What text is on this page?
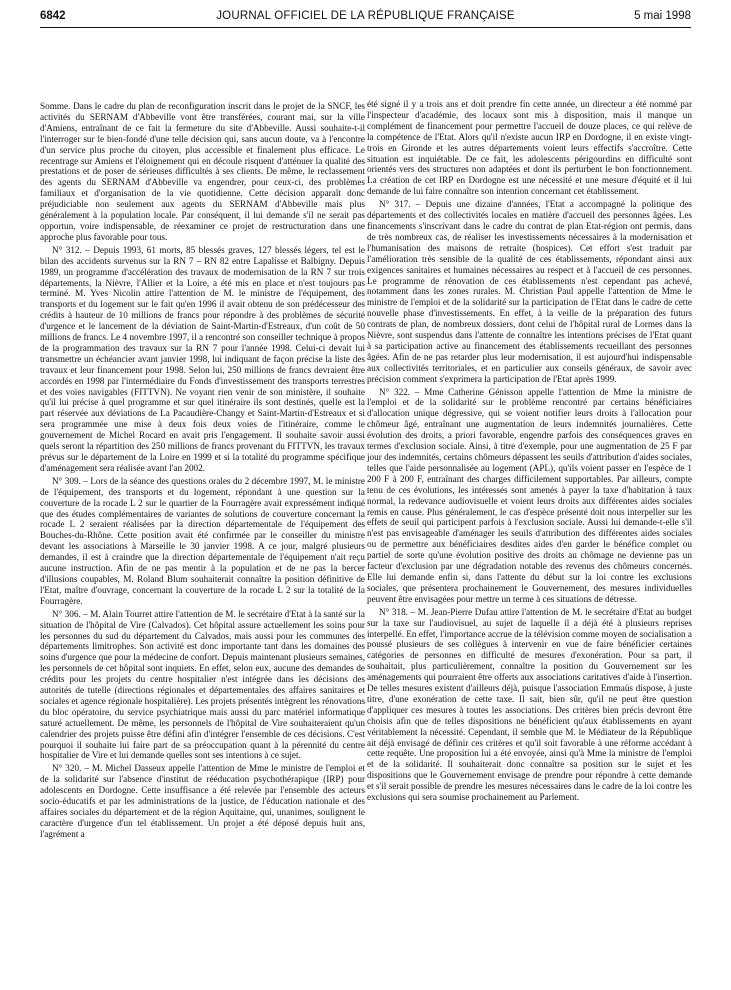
6842	JOURNAL OFFICIEL DE LA RÉPUBLIQUE FRANÇAISE	5 mai 1998

Somme. Dans le cadre du plan de reconfiguration inscrit dans le projet de la SNCF, les activités du SERNAM d'Abbeville vont être transférées, courant mai, sur la ville d'Amiens, entraînant de ce fait la fermeture du site d'Abbeville. Aussi souhaite-t-il l'interroger sur le bien-fondé d'une telle décision qui, sans aucun doute, va à l'encontre d'un service plus proche du citoyen, plus accessible et finalement plus efficace. Le recentrage sur Amiens et l'éloignement qui en découle risquent d'atténuer la qualité des prestations et de poser de sérieuses difficultés à ses clients. De même, le reclassement des agents du SERNAM d'Abbeville va engendrer, pour ceux-ci, des problèmes familiaux et d'organisation de la vie quotidienne. Cette décision apparaît donc préjudiciable non seulement aux agents du SERNAM d'Abbeville mais plus généralement à la population locale. Par conséquent, il lui demande s'il ne serait pas opportun, voire indispensable, de réexaminer ce projet de restructuration dans une approche plus favorable pour tous.

N° 312. – Depuis 1993, 61 morts, 85 blessés graves, 127 blessés légers, tel est le bilan des accidents survenus sur la RN 7 – RN 82 entre Lapalisse et Balbigny. Depuis 1989, un programme d'accélération des travaux de modernisation de la RN 7 sur trois départements, la Nièvre, l'Allier et la Loire, a été mis en place et n'est toujours pas terminé. M. Yves Nicolin attire l'attention de M. le ministre de l'équipement, des transports et du logement sur le fait qu'en 1996 il avait obtenu de son prédécesseur des crédits à hauteur de 10 millions de francs pour répondre à des problèmes de sécurité d'urgence et le lancement de la déviation de Saint-Martin-d'Estreaux, d'un coût de 50 millions de francs. Le 4 novembre 1997, il a rencontré son conseiller technique à propos de la programmation des travaux sur la RN 7 pour l'année 1998. Celui-ci devait lui transmettre un échéancier avant janvier 1998, lui indiquant de façon précise la liste des travaux et leur financement pour 1998. Selon lui, 250 millions de francs devraient être accordés en 1998 par l'intermédiaire du Fonds d'investissement des transports terrestres et des voies navigables (FITTVN). Ne voyant rien venir de son ministère, il souhaite qu'il lui précise à quel programme et sur quel itinéraire ils sont destinés, quelle est la part réservée aux déviations de La Pacaudière-Changy et Saint-Martin-d'Estreaux et si sera programmée une mise à deux fois deux voies de l'itinéraire, comme le gouvernement de Michel Rocard en avait pris l'engagement. Il souhaite savoir aussi quels seront la répartition des 250 millions de francs provenant du FITTVN, les travaux prévus sur le département de la Loire en 1999 et si la totalité du programme spécifique d'aménagement sera réalisée avant l'an 2002.

N° 309. – Lors de la séance des questions orales du 2 décembre 1997, M. le ministre de l'équipement, des transports et du logement, répondant à une question sur la couverture de la rocade L 2 sur le quartier de la Fourragère avait expressément indiqué que des études complémentaires de variantes de solutions de couverture concernant la rocade L 2 seraient réalisées par la direction départementale de l'équipement des Bouches-du-Rhône. Cette position avait été confirmée par le conseiller du ministre devant les associations à Marseille le 30 janvier 1998. A ce jour, malgré plusieurs demandes, il est à craindre que la direction départementale de l'équipement n'ait reçu aucune instruction. Afin de ne pas mentir à la population et de ne pas la bercer d'illusions coupables, M. Roland Blum souhaiterait connaître la position définitive de l'Etat, maître d'ouvrage, concernant la couverture de la rocade L 2 sur la totalité de la Fourragère.

N° 306. – M. Alain Tourret attire l'attention de M. le secrétaire d'Etat à la santé sur la situation de l'hôpital de Vire (Calvados). Cet hôpital assure actuellement les soins pour les personnes du sud du département du Calvados, mais aussi pour les communes des départements limitrophes. Son activité est donc importante tant dans les domaines des soins d'urgence que pour la médecine de confort. Depuis maintenant plusieurs semaines, les personnels de cet hôpital sont inquiets. En effet, selon eux, aucune des demandes de crédits pour les projets du centre hospitalier n'est intégrée dans les décisions des autorités de tutelle (directions régionales et départementales des affaires sanitaires et sociales et agence régionale hospitalière). Les projets présentés intègrent les rénovations du bloc opératoire, du service psychiatrique mais aussi du parc matériel informatique saturé actuellement. De même, les personnels de l'hôpital de Vire souhaiteraient qu'un calendrier des projets puisse être défini afin d'intégrer l'ensemble de ces décisions. C'est pourquoi il souhaite lui faire part de sa préoccupation quant à la pérennité du centre hospitalier de Vire et lui demande quelles sont ses intentions à ce sujet.

N° 320. – M. Michel Dasseux appelle l'attention de Mme le ministre de l'emploi et de la solidarité sur l'absence d'institut de rééducation psychothérapique (IRP) pour adolescents en Dordogne. Cette insuffisance a été relevée par l'ensemble des acteurs socio-éducatifs et par les administrations de la justice, de l'éducation nationale et des affaires sociales du département et de la région Aquitaine, qui, unanimes, soulignent le caractère d'urgence d'un tel établissement. Un projet a été déposé depuis huit ans, l'agrément a

été signé il y a trois ans et doit prendre fin cette année, un directeur a été nommé par l'inspecteur d'académie, des locaux sont mis à disposition, mais il manque un complément de financement pour permettre l'accueil de douze places, ce qui relève de la compétence de l'Etat. Alors qu'il n'existe aucun IRP en Dordogne, il en existe vingt-trois en Gironde et les autres départements voient leurs effectifs s'accroître. Cette situation est inquiétable. De ce fait, les adolescents périgourdins en difficulté sont orientés vers des structures non adaptées et dont ils perturbent le bon fonctionnement. La création de cet IRP en Dordogne est une nécessité et une mesure d'équité et il lui demande de lui faire connaître son intention concernant cet établissement.

N° 317. – Depuis une dizaine d'années, l'Etat a accompagné la politique des départements et des collectivités locales en matière d'accueil des personnes âgées. Les financements s'inscrivant dans le cadre du contrat de plan Etat-région ont permis, dans de très nombreux cas, de réaliser les investissements nécessaires à la modernisation et l'humanisation des maisons de retraite (hospices). Cet effort s'est traduit par l'amélioration très sensible de la qualité de ces établissements, répondant ainsi aux exigences sanitaires et humaines nécessaires au respect et à l'accueil de ces personnes. Le programme de rénovation de ces établissements n'est cependant pas achevé, notamment dans les zones rurales. M. Christian Paul appelle l'attention de Mme le ministre de l'emploi et de la solidarité sur la participation de l'Etat dans le cadre de cette nouvelle phase d'investissements. En effet, à la veille de la préparation des futurs contrats de plan, de nombreux dossiers, dont celui de l'hôpital rural de Lormes dans la Nièvre, sont suspendus dans l'attente de connaître les intentions précises de l'Etat quant à sa participation active au financement des établissements recueillant des personnes âgées. Afin de ne pas retarder plus leur modernisation, il est aujourd'hui indispensable aux collectivités territoriales, et en particulier aux conseils généraux, de savoir avec précision comment s'exprimera la participation de l'Etat après 1999.

N° 322. – Mme Catherine Génisson appelle l'attention de Mme la ministre de l'emploi et de la solidarité sur le problème rencontré par certains bénéficiaires d'allocation unique dégressive, qui se voient notifier leurs droits à l'allocation pour chômeur âgé, entraînant une augmentation de leurs indemnités journalières. Cette évolution des droits, a priori favorable, engendre parfois des conséquences graves en termes d'exclusion sociale. Ainsi, à titre d'exemple, pour une augmentation de 25 F par jour des indemnités, certains chômeurs dépassent les seuils d'attribution d'aides sociales, telles que l'aide personnalisée au logement (APL), qu'ils voient passer en l'espèce de 1 200 F à 200 F, entraînant des charges difficilement supportables. Par ailleurs, compte tenu de ces évolutions, les intéressés sont amenés à payer la taxe d'habitation à taux normal, la redevance audiovisuelle et voient leurs droits aux différentes aides sociales remis en cause. Plus généralement, le cas d'espèce présenté doit nous interpeller sur les effets de seuil qui participent parfois à l'exclusion sociale. Aussi lui demande-t-elle s'il n'est pas envisageable d'aménager les seuils d'attribution des différentes aides sociales ou de permettre aux bénéficiaires desdites aides d'en garder le bénéfice complet ou partiel de sorte qu'une évolution positive des droits au chômage ne devienne pas un facteur d'exclusion par une dégradation notable des revenus des chômeurs concernés. Elle lui demande enfin si, dans l'attente du début sur la loi contre les exclusions sociales, que présentera prochainement le Gouvernement, des mesures individuelles peuvent être envisagées pour mettre un terme à ces situations de détresse.

N° 318. – M. Jean-Pierre Dufau attire l'attention de M. le secrétaire d'Etat au budget sur la taxe sur l'audiovisuel, au sujet de laquelle il a déjà été à plusieurs reprises interpellé. En effet, l'importance accrue de la télévision comme moyen de socialisation a poussé plusieurs de ses collègues à intervenir en vue de faire bénéficier certaines catégories de personnes en difficulté de mesures d'exonération. Pour sa part, il souhaitait, plus particulièrement, connaître la position du Gouvernement sur les aménagements qui pourraient être offerts aux associations caritatives d'aide à l'insertion. De telles mesures existent d'ailleurs déjà, puisque l'association Emmaüs dispose, à juste titre, d'une exonération de cette taxe. Il sait, bien sûr, qu'il ne peut être question d'appliquer ces mesures à toutes les associations. Des critères bien précis devront être choisis afin que de telles dispositions ne bénéficient qu'aux établissements en ayant véritablement la nécessité. Cependant, il semble que M. le Médiateur de la République ait déjà envisagé de définir ces critères et qu'il soit favorable à une réforme accédant à cette requête. Une proposition lui a été envoyée, ainsi qu'à Mme la ministre de l'emploi et de la solidarité. Il souhaiterait donc connaître sa position sur le sujet et les dispositions que le Gouvernement envisage de prendre pour répondre à cette demande et s'il serait possible de prendre les mesures nécessaires dans le cadre de la loi contre les exclusions qui sera soumise prochainement au Parlement.
